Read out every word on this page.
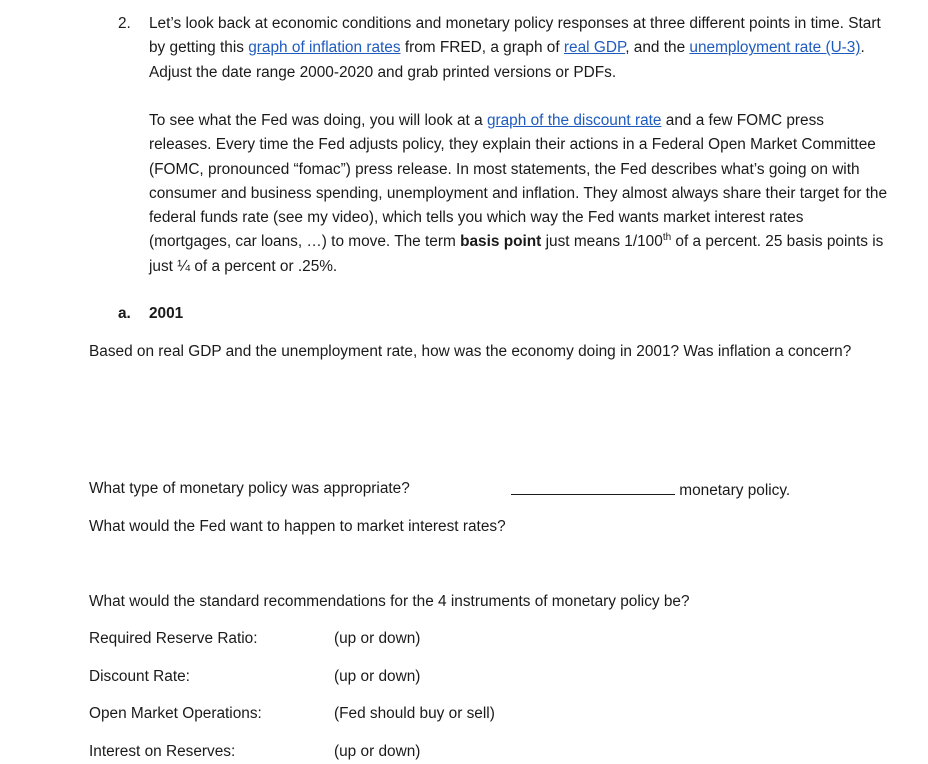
2. Let’s look back at economic conditions and monetary policy responses at three different points in time. Start by getting this graph of inflation rates from FRED, a graph of real GDP, and the unemployment rate (U-3). Adjust the date range 2000-2020 and grab printed versions or PDFs.
To see what the Fed was doing, you will look at a graph of the discount rate and a few FOMC press releases. Every time the Fed adjusts policy, they explain their actions in a Federal Open Market Committee (FOMC, pronounced “fomac”) press release. In most statements, the Fed describes what’s going on with consumer and business spending, unemployment and inflation. They almost always share their target for the federal funds rate (see my video), which tells you which way the Fed wants market interest rates (mortgages, car loans, …) to move. The term basis point just means 1/100th of a percent. 25 basis points is just ¼ of a percent or .25%.
a. 2001
Based on real GDP and the unemployment rate, how was the economy doing in 2001? Was inflation a concern?
What type of monetary policy was appropriate?	monetary policy.
What would the Fed want to happen to market interest rates?
What would the standard recommendations for the 4 instruments of monetary policy be?
Required Reserve Ratio:	(up or down)
Discount Rate:	(up or down)
Open Market Operations:	(Fed should buy or sell)
Interest on Reserves:	(up or down)
